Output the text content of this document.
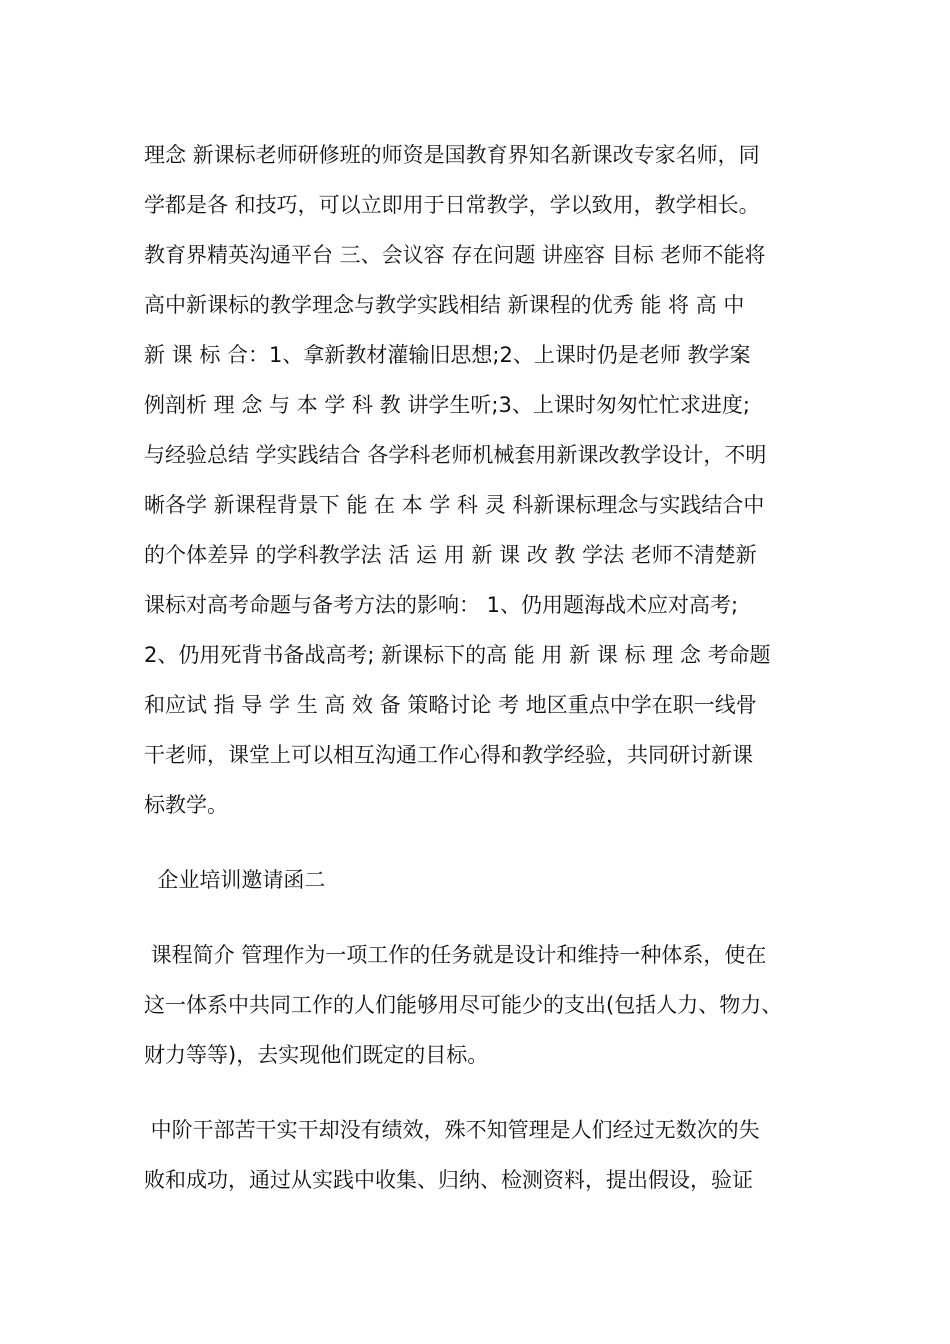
理念 新课标老师研修班的师资是国教育界知名新课改专家名师，同
学都是各 和技巧，可以立即用于日常教学，学以致用，教学相长。
教育界精英沟通平台 三、会议容 存在问题 讲座容 目标 老师不能将
高中新课标的教学理念与教学实践相结 新课程的优秀 能 将 高 中
新 课 标 合：1、拿新教材灌输旧思想;2、上课时仍是老师 教学案
例剖析 理 念 与 本 学 科 教 讲学生听;3、上课时匆匆忙忙求进度;
与经验总结 学实践结合 各学科老师机械套用新课改教学设计，不明
晰各学 新课程背景下 能 在 本 学 科 灵 科新课标理念与实践结合中
的个体差异 的学科教学法 活 运 用 新 课 改 教 学法 老师不清楚新
课标对高考命题与备考方法的影响： 1、仍用题海战术应对高考;
2、仍用死背书备战高考; 新课标下的高 能 用 新 课 标 理 念 考命题
和应试 指 导 学 生 高 效 备 策略讨论 考 地区重点中学在职一线骨
干老师，课堂上可以相互沟通工作心得和教学经验，共同研讨新课
标教学。
企业培训邀请函二
课程简介 管理作为一项工作的任务就是设计和维持一种体系，使在
这一体系中共同工作的人们能够用尽可能少的支出(包括人力、物力、
财力等等)，去实现他们既定的目标。
中阶干部苦干实干却没有绩效，殊不知管理是人们经过无数次的失
败和成功，通过从实践中收集、归纳、检测资料，提出假设，验证
